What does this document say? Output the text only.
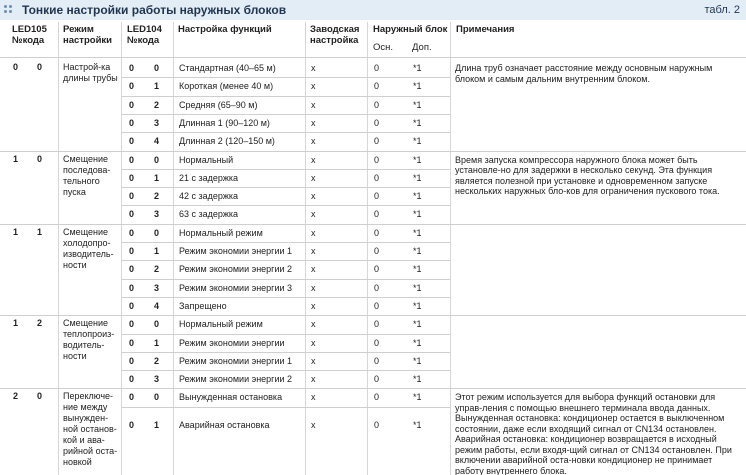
Тонкие настройки работы наружных блоков	табл. 2
LED105 №кода
Режим настройки
LED104 №кода
Настройка функций	Заводская настройка
Наружный блок
Осн. Доп.
Примечания
0 0 Настрой-ка длины трубы
Длина труб означает расстояние между основным наружным блоком и самым дальним внутренним блоком.
0 0 Стандартная (40–65 м)	x	0	*1
0 1 Короткая (менее 40 м)	x	0	*1
0 2 Средняя (65–90 м)	x	0	*1
0 3 Длинная 1 (90–120 м)	x	0	*1
0 4 Длинная 2 (120–150 м)	x	0	*1
1 0 Смещение последова-тельного пуска
Время запуска компрессора наружного блока может быть установле-но для задержки в несколько секунд. Эта функция является полезной при установке и одновременном запуске нескольких наружных бло-ков для ограничения пускового тока.
0 0 Нормальный	x	0	*1
0 1 21 с задержка	x	0	*1
0 2 42 с задержка	x	0	*1
0 3 63 с задержка	x	0	*1
1 1 Смещение холодопро-изводитель-ности
0 0 Нормальный режим	x	0	*1
0 1 Режим экономии энергии 1 x	0	*1
0 2 Режим экономии энергии 2 x	0	*1
0 3 Режим экономии энергии 3 x	0	*1
0 4 Запрещено	x	0	*1
1 2 Смещение теплопроиз-водитель-ности
0 0 Нормальный режим	x	0	*1
0 1 Режим экономии энергии	x	0	*1
0 2 Режим экономии энергии 1 x	0	*1
0 3 Режим экономии энергии 2 x	0	*1
2 0 Переключе-ние между вынужден-ной останов-кой и ава-рийной оста-новкой
Этот режим используется для выбора функций остановки для управ-ления с помощью внешнего терминала ввода данных. Вынужденная остановка: кондиционер остается в выключенном состоянии, даже если входящий сигнал от CN134 остановлен. Аварийная остановка: кондиционер возвращается в исходный режим работы, если входя-щий сигнал от CN134 остановлен. При включении аварийной оста-новки кондиционер не принимает работу внутреннего блока.
0 0 Вынужденная остановка	x	0	*1
0 1 Аварийная остановка	x	0	*1
